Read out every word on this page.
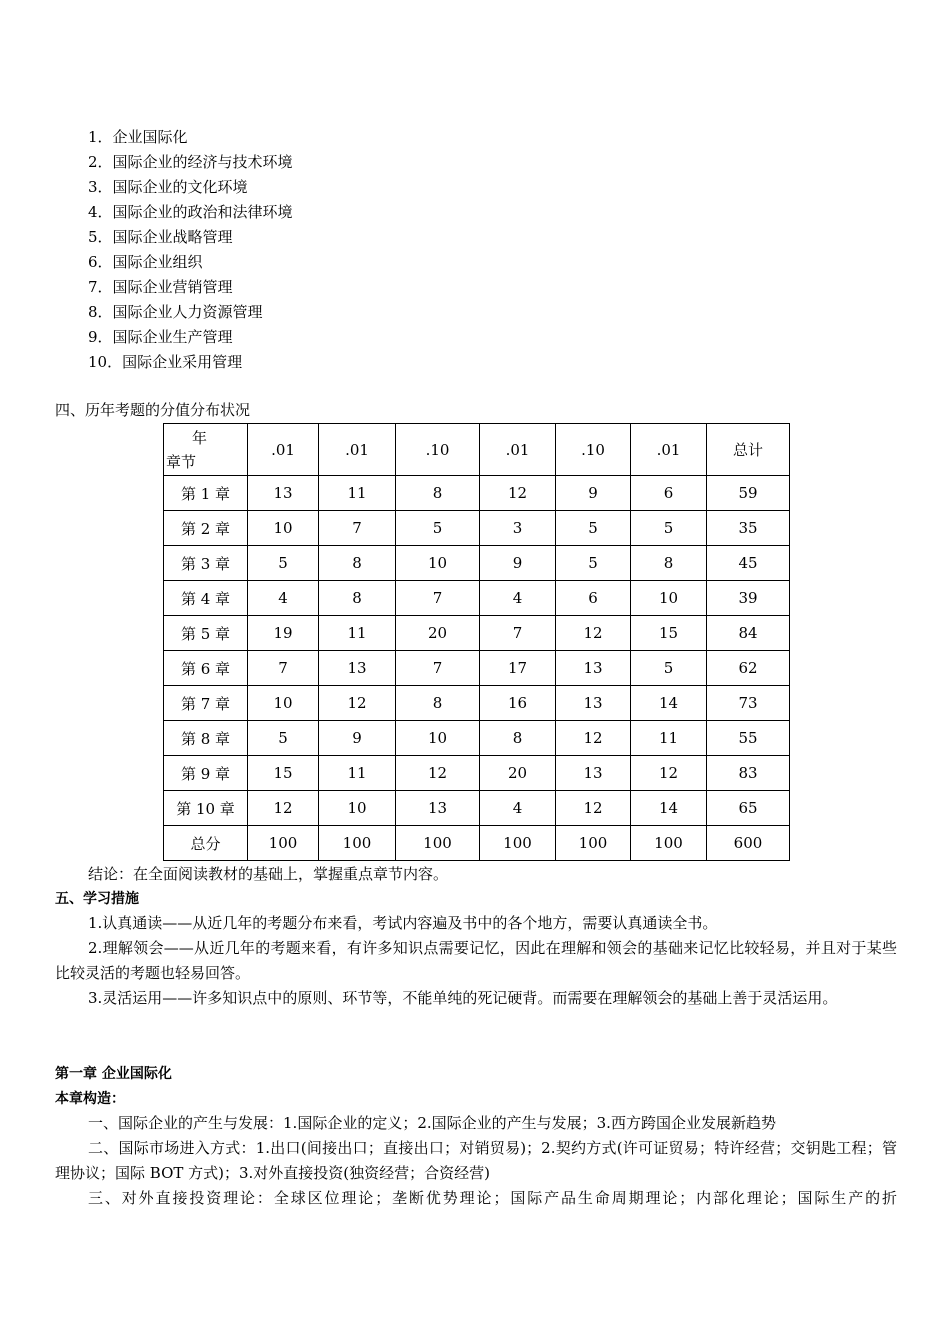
1．企业国际化
2．国际企业的经济与技术环境
3．国际企业的文化环境
4．国际企业的政治和法律环境
5．国际企业战略管理
6．国际企业组织
7．国际企业营销管理
8．国际企业人力资源管理
9．国际企业生产管理
10．国际企业采用管理
四、历年考题的分值分布状况
年
章节	.01	.01	.10	.01	.10	.01	总计
第 1 章	13	11	8	12	9	6	59
第 2 章	10	7	5	3	5	5	35
第 3 章	5	8	10	9	5	8	45
第 4 章	4	8	7	4	6	10	39
第 5 章	19	11	20	7	12	15	84
第 6 章	7	13	7	17	13	5	62
第 7 章	10	12	8	16	13	14	73
第 8 章	5	9	10	8	12	11	55
第 9 章	15	11	12	20	13	12	83
第 10 章	12	10	13	4	12	14	65
总分	100	100	100	100	100	100	600
结论：在全面阅读教材的基础上，掌握重点章节内容。
五、学习措施
1.认真通读——从近几年的考题分布来看，考试内容遍及书中的各个地方，需要认真通读全书。
2.理解领会——从近几年的考题来看，有许多知识点需要记忆，因此在理解和领会的基础来记忆比较轻易，并且对于某些比较灵活的考题也轻易回答。
3.灵活运用——许多知识点中的原则、环节等，不能单纯的死记硬背。而需要在理解领会的基础上善于灵活运用。
第一章 企业国际化
本章构造：
一、国际企业的产生与发展：1.国际企业的定义；2.国际企业的产生与发展；3.西方跨国企业发展新趋势
二、国际市场进入方式：1.出口(间接出口；直接出口；对销贸易)；2.契约方式(许可证贸易；特许经营；交钥匙工程；管理协议；国际 BOT 方式)；3.对外直接投资(独资经营；合资经营)
三、对外直接投资理论：全球区位理论；垄断优势理论；国际产品生命周期理论；内部化理论；国际生产的折
